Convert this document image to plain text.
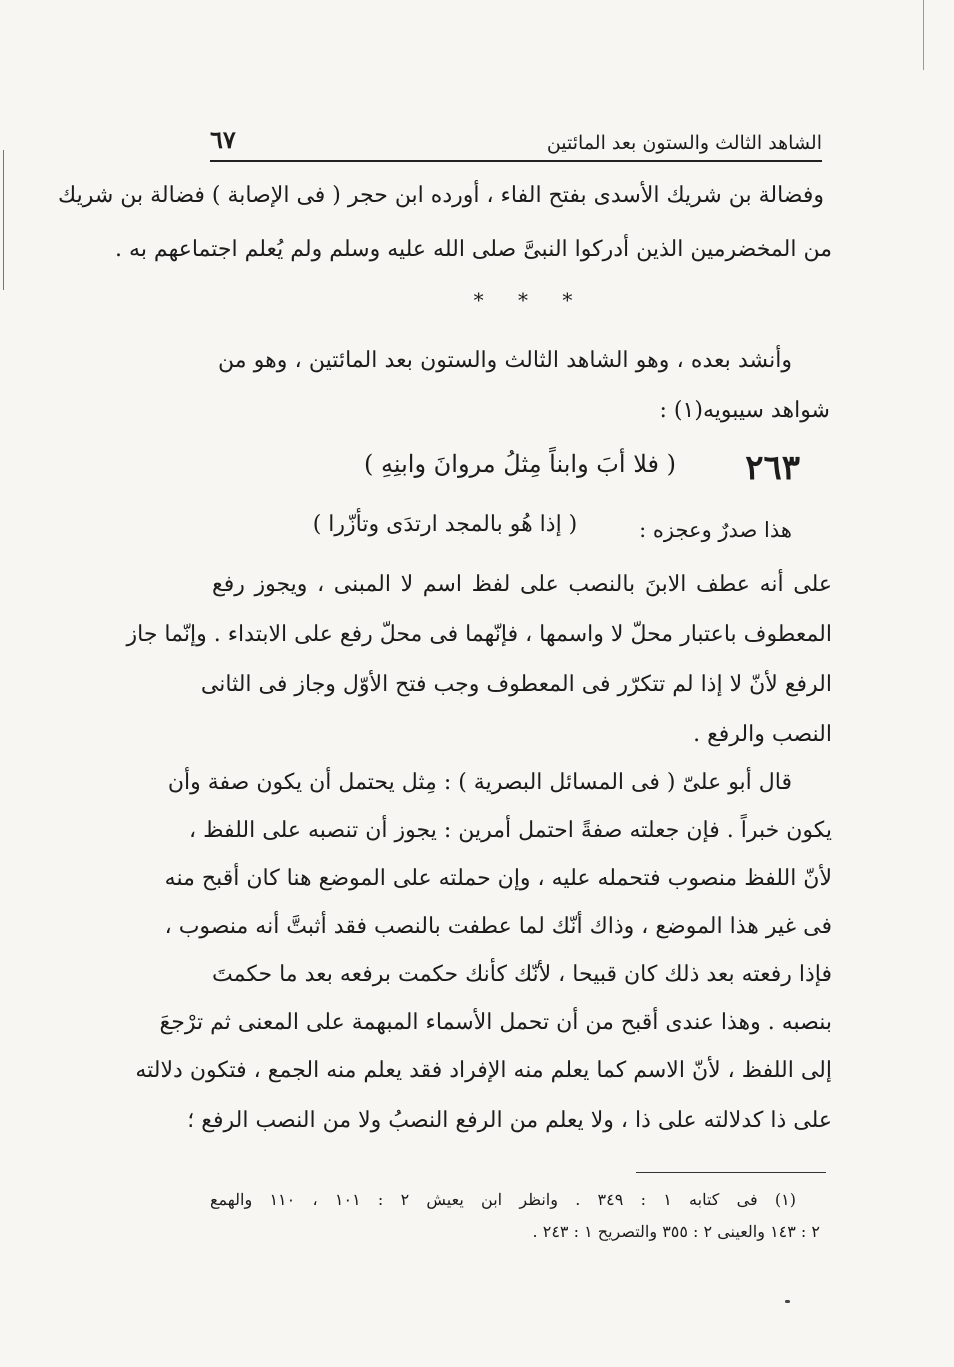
الشاهد الثالث والستون بعد المائتين
٦٧
وفضالة بن شريك الأسدى بفتح الفاء ، أورده ابن حجر ( فى الإصابة ) فضالة بن شريك
من المخضرمين الذين أدركوا النبىَّ صلى الله عليه وسلم ولم يُعلم اجتماعهم به .
* * *
وأنشد بعده ، وهو الشاهد الثالث والستون بعد المائتين ، وهو من
شواهد سيبويه(١) :
٢٦٣
( فلا أبَ وابناً مِثلُ مروانَ وابنِهِ )
هذا صدرٌ وعجزه :
( إذا هُو بالمجد ارتدَى وتأزّرا )
على أنه عطف الابنَ بالنصب على لفظ اسم لا المبنى ، ويجوز رفع
المعطوف باعتبار محلّ لا واسمها ، فإنّهما فى محلّ رفع على الابتداء . وإنّما جاز
الرفع لأنّ لا إذا لم تتكرّر فى المعطوف وجب فتح الأوّل وجاز فى الثانى
النصب والرفع .
قال أبو علىّ ( فى المسائل البصرية ) : مِثل يحتمل أن يكون صفة وأن
يكون خبراً . فإن جعلته صفةً احتمل أمرين : يجوز أن تنصبه على اللفظ ،
لأنّ اللفظ منصوب فتحمله عليه ، وإن حملته على الموضع هنا كان أقبح منه
فى غير هذا الموضع ، وذاك أنّك لما عطفت بالنصب فقد أثبتَّ أنه منصوب ،
فإذا رفعته بعد ذلك كان قبيحا ، لأنّك كأنك حكمت برفعه بعد ما حكمتَ
بنصبه . وهذا عندى أقبح من أن تحمل الأسماء المبهمة على المعنى ثم ترْجعَ
إلى اللفظ ، لأنّ الاسم كما يعلم منه الإفراد فقد يعلم منه الجمع ، فتكون دلالته
على ذا كدلالته على ذا ، ولا يعلم من الرفع النصبُ ولا من النصب الرفع ؛
(١) فى كتابه ١ : ٣٤٩ . وانظر ابن يعيش ٢ : ١٠١ ، ١١٠ والهمع
٢ : ١٤٣ والعينى ٢ : ٣٥٥ والتصريح ١ : ٢٤٣ .
